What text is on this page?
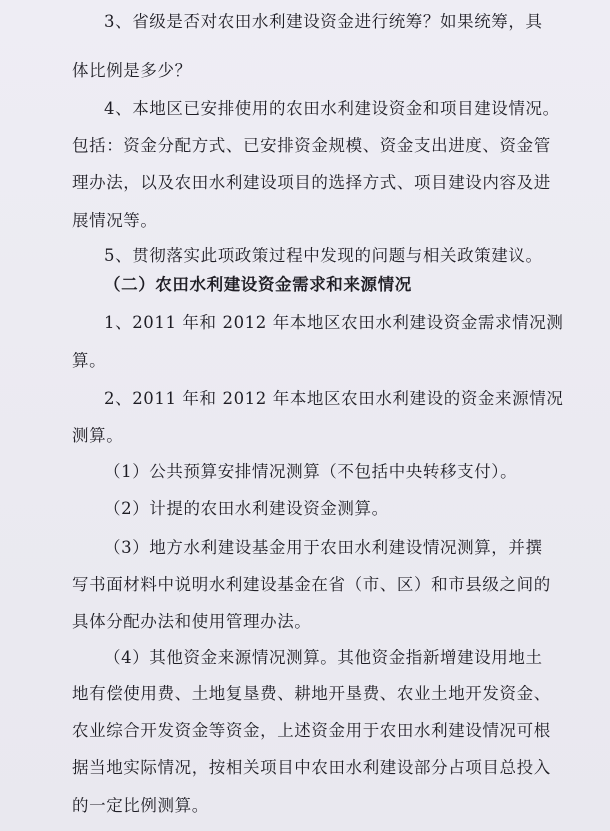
3、省级是否对农田水利建设资金进行统筹？如果统筹，具
体比例是多少？
4、本地区已安排使用的农田水利建设资金和项目建设情况。
包括：资金分配方式、已安排资金规模、资金支出进度、资金管
理办法，以及农田水利建设项目的选择方式、项目建设内容及进
展情况等。
5、贯彻落实此项政策过程中发现的问题与相关政策建议。
（二）农田水利建设资金需求和来源情况
1、2011 年和 2012 年本地区农田水利建设资金需求情况测
算。
2、2011 年和 2012 年本地区农田水利建设的资金来源情况
测算。
（1）公共预算安排情况测算（不包括中央转移支付）。
（2）计提的农田水利建设资金测算。
（3）地方水利建设基金用于农田水利建设情况测算，并撰
写书面材料中说明水利建设基金在省（市、区）和市县级之间的
具体分配办法和使用管理办法。
（4）其他资金来源情况测算。其他资金指新增建设用地土
地有偿使用费、土地复垦费、耕地开垦费、农业土地开发资金、
农业综合开发资金等资金，上述资金用于农田水利建设情况可根
据当地实际情况，按相关项目中农田水利建设部分占项目总投入
的一定比例测算。
